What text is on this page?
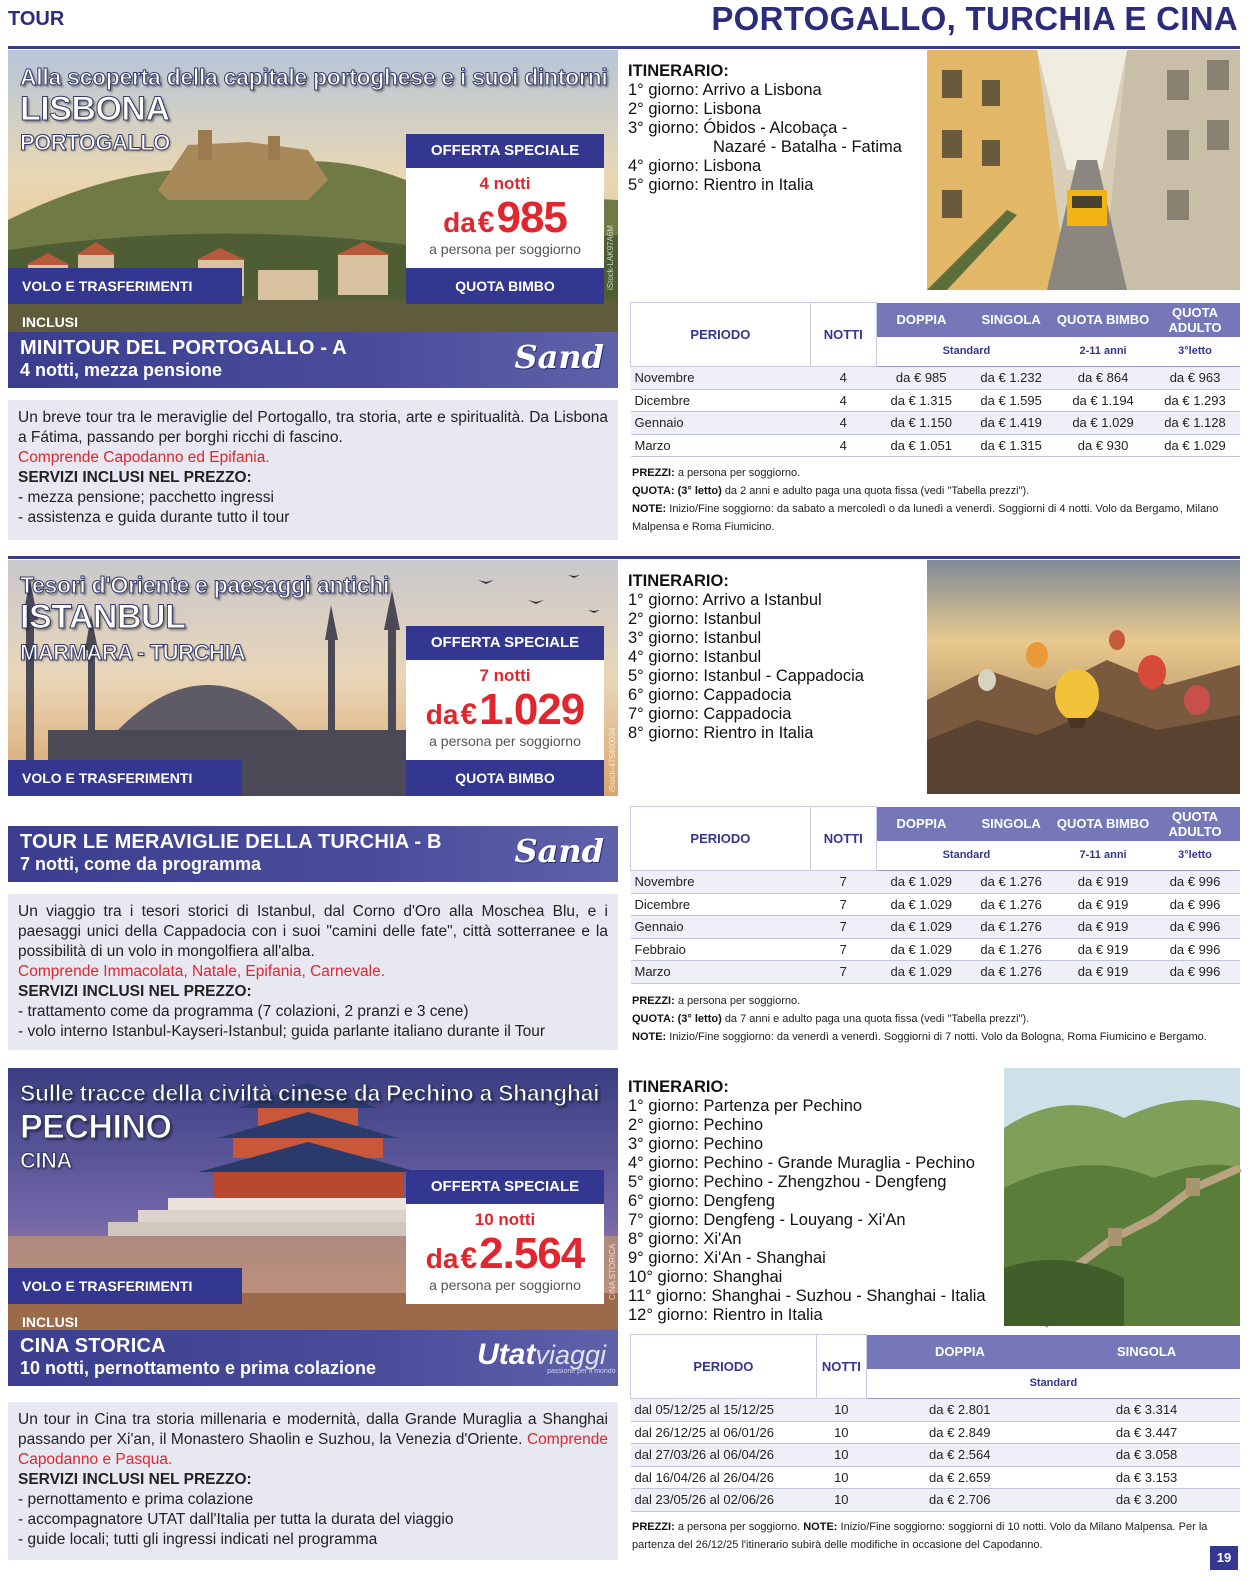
TOUR	PORTOGALLO, TURCHIA E CINA
Alla scoperta della capitale portoghese e i suoi dintorni
LISBONA
PORTOGALLO	OFFERTA SPECIALE
4 notti
da€985
a persona per soggiorno
VOLO E TRASFERIMENTI INCLUSI
QUOTA BIMBO	iStock-LAK97A6M
MINITOUR DEL PORTOGALLO - A
4 notti, mezza pensione	Sand
Un breve tour tra le meraviglie del Portogallo, tra storia, arte e spiritualità. Da Lisbona a Fátima, passando per borghi ricchi di fascino.
Comprende Capodanno ed Epifania.
SERVIZI INCLUSI NEL PREZZO:
- mezza pensione; pacchetto ingressi
- assistenza e guida durante tutto il tour
ITINERARIO:
1° giorno: Arrivo a Lisbona
2° giorno: Lisbona
3° giorno: Óbidos - Alcobaça -
Nazaré - Batalha - Fatima
4° giorno: Lisbona
5° giorno: Rientro in Italia
PERIODO	NOTTI	DOPPIA	SINGOLA	QUOTA BIMBO	QUOTA ADULTO
		Standard		2-11 anni	3°letto
Novembre	4	da € 985	da € 1.232	da € 864	da € 963
Dicembre	4	da € 1.315	da € 1.595	da € 1.194	da € 1.293
Gennaio	4	da € 1.150	da € 1.419	da € 1.029	da € 1.128
Marzo	4	da € 1.051	da € 1.315	da € 930	da € 1.029
PREZZI: a persona per soggiorno.
QUOTA: (3° letto) da 2 anni e adulto paga una quota fissa (vedi "Tabella prezzi").
NOTE: Inizio/Fine soggiorno: da sabato a mercoledì o da lunedì a venerdì. Soggiorni di 4 notti. Volo da Bergamo, Milano Malpensa e Roma Fiumicino.
Tesori d'Oriente e paesaggi antichi
ISTANBUL
MARMARA - TURCHIA	OFFERTA SPECIALE
7 notti
da€1.029
a persona per soggiorno
VOLO E TRASFERIMENTI INCLUSI
QUOTA BIMBO	iStock-475460034
TOUR LE MERAVIGLIE DELLA TURCHIA - B
7 notti, come da programma	Sand
Un viaggio tra i tesori storici di Istanbul, dal Corno d'Oro alla Moschea Blu, e i paesaggi unici della Cappadocia con i suoi "camini delle fate", città sotterranee e la possibilità di un volo in mongolfiera all'alba.
Comprende Immacolata, Natale, Epifania, Carnevale.
SERVIZI INCLUSI NEL PREZZO:
- trattamento come da programma (7 colazioni, 2 pranzi e 3 cene)
- volo interno Istanbul-Kayseri-Istanbul; guida parlante italiano durante il Tour
ITINERARIO:
1° giorno: Arrivo a Istanbul
2° giorno: Istanbul
3° giorno: Istanbul
4° giorno: Istanbul
5° giorno: Istanbul - Cappadocia
6° giorno: Cappadocia
7° giorno: Cappadocia
8° giorno: Rientro in Italia
PERIODO	NOTTI	DOPPIA	SINGOLA	QUOTA BIMBO	QUOTA ADULTO
		Standard		7-11 anni	3°letto
Novembre	7	da € 1.029	da € 1.276	da € 919	da € 996
Dicembre	7	da € 1.029	da € 1.276	da € 919	da € 996
Gennaio	7	da € 1.029	da € 1.276	da € 919	da € 996
Febbraio	7	da € 1.029	da € 1.276	da € 919	da € 996
Marzo	7	da € 1.029	da € 1.276	da € 919	da € 996
PREZZI: a persona per soggiorno.
QUOTA: (3° letto) da 7 anni e adulto paga una quota fissa (vedi "Tabella prezzi").
NOTE: Inizio/Fine soggiorno: da venerdì a venerdì. Soggiorni di 7 notti. Volo da Bologna, Roma Fiumicino e Bergamo.
Sulle tracce della civiltà cinese da Pechino a Shanghai
PECHINO
CINA
OFFERTA SPECIALE
10 notti
da€2.564
a persona per soggiorno
VOLO E TRASFERIMENTI INCLUSI
CINA STORICA
CINA STORICA
10 notti, pernottamento e prima colazione	Utatviaggi
passione per il mondo
Un tour in Cina tra storia millenaria e modernità, dalla Grande Muraglia a Shanghai passando per Xi'an, il Monastero Shaolin e Suzhou, la Venezia d'Oriente. Comprende Capodanno e Pasqua.
SERVIZI INCLUSI NEL PREZZO:
- pernottamento e prima colazione
- accompagnatore UTAT dall'Italia per tutta la durata del viaggio
- guide locali; tutti gli ingressi indicati nel programma
ITINERARIO:
1° giorno: Partenza per Pechino
2° giorno: Pechino
3° giorno: Pechino
4° giorno: Pechino - Grande Muraglia - Pechino
5° giorno: Pechino - Zhengzhou - Dengfeng
6° giorno: Dengfeng
7° giorno: Dengfeng - Louyang - Xi'An
8° giorno: Xi'An
9° giorno: Xi'An - Shanghai
10° giorno: Shanghai
11° giorno: Shanghai - Suzhou - Shanghai - Italia
12° giorno: Rientro in Italia
PERIODO	NOTTI	DOPPIA	SINGOLA
		Standard	
dal 05/12/25 al 15/12/25	10	da € 2.801	da € 3.314
dal 26/12/25 al 06/01/26	10	da € 2.849	da € 3.447
dal 27/03/26 al 06/04/26	10	da € 2.564	da € 3.058
dal 16/04/26 al 26/04/26	10	da € 2.659	da € 3.153
dal 23/05/26 al 02/06/26	10	da € 2.706	da € 3.200
PREZZI: a persona per soggiorno. NOTE: Inizio/Fine soggiorno: soggiorni di 10 notti. Volo da Milano Malpensa. Per la partenza del 26/12/25 l'itinerario subirà delle modifiche in occasione del Capodanno.
19
